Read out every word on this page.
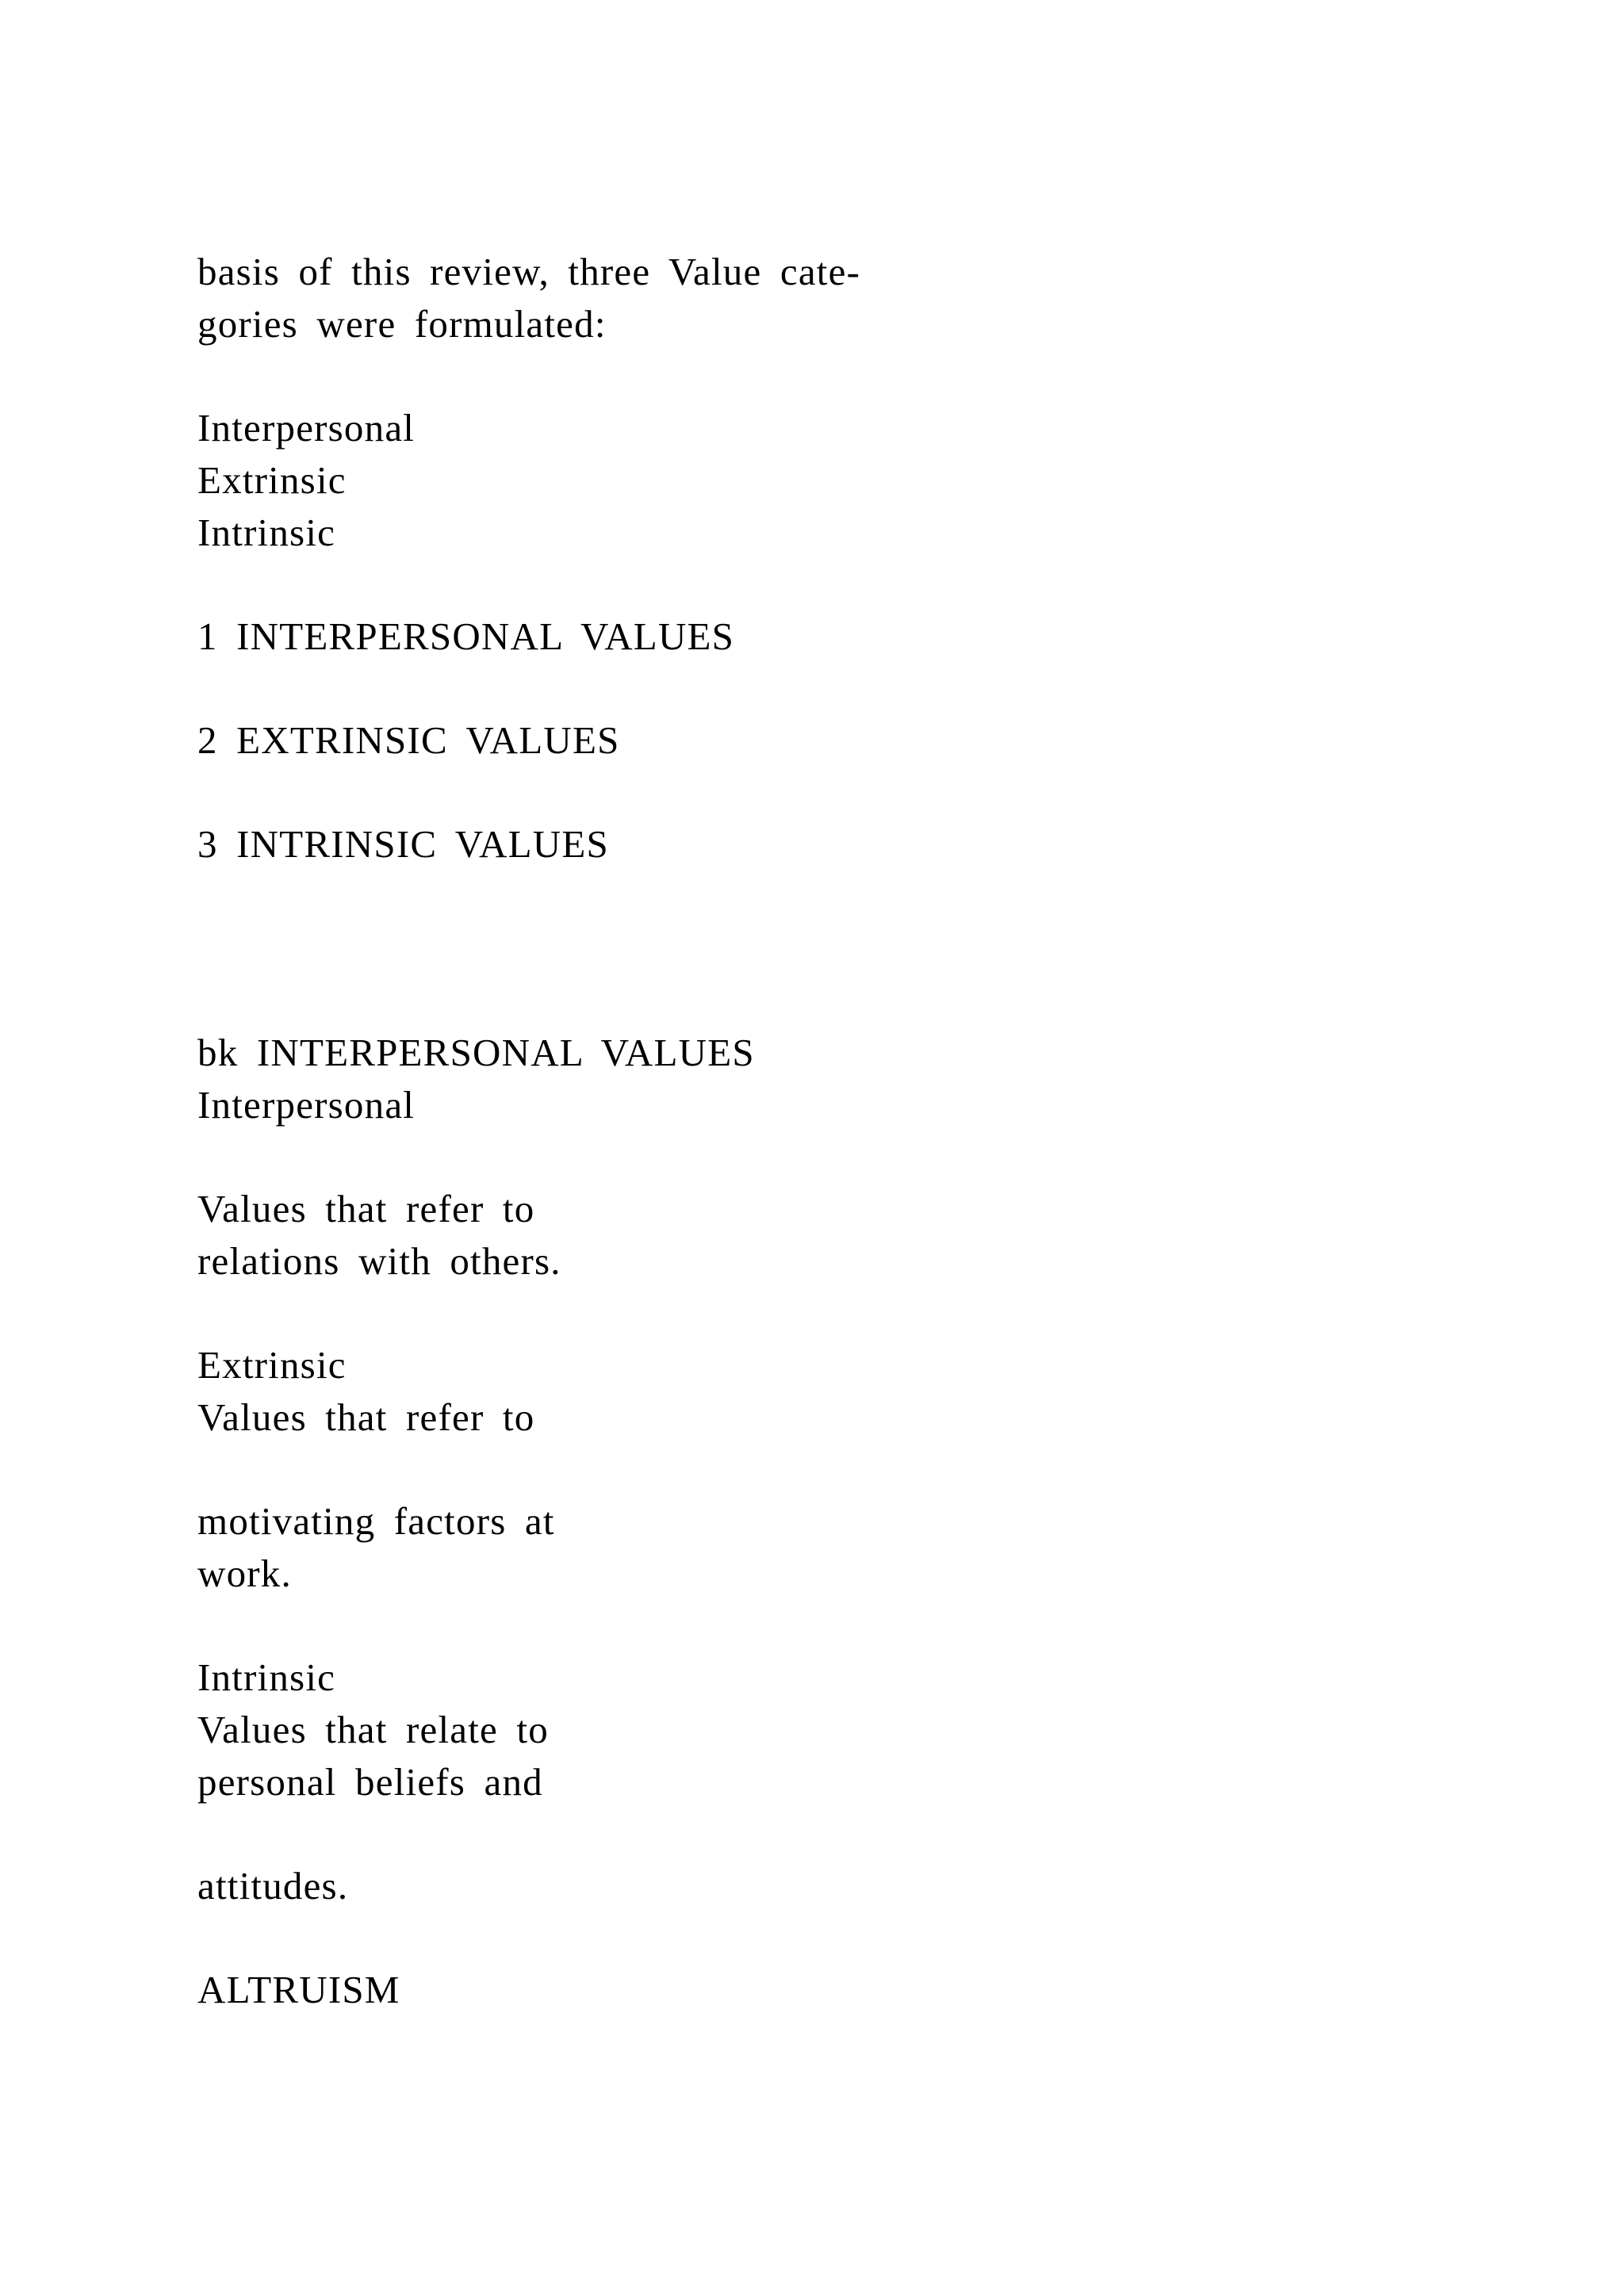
basis of this review, three Value cate-

gories were formulated:

Interpersonal

Extrinsic

Intrinsic

1 INTERPERSONAL VALUES

2 EXTRINSIC VALUES

3 INTRINSIC VALUES

bk INTERPERSONAL VALUES

Interpersonal

Values that refer to

relations with others.

Extrinsic

Values that refer to

motivating factors at

work.

Intrinsic

Values that relate to

personal beliefs and

attitudes.

ALTRUISM
